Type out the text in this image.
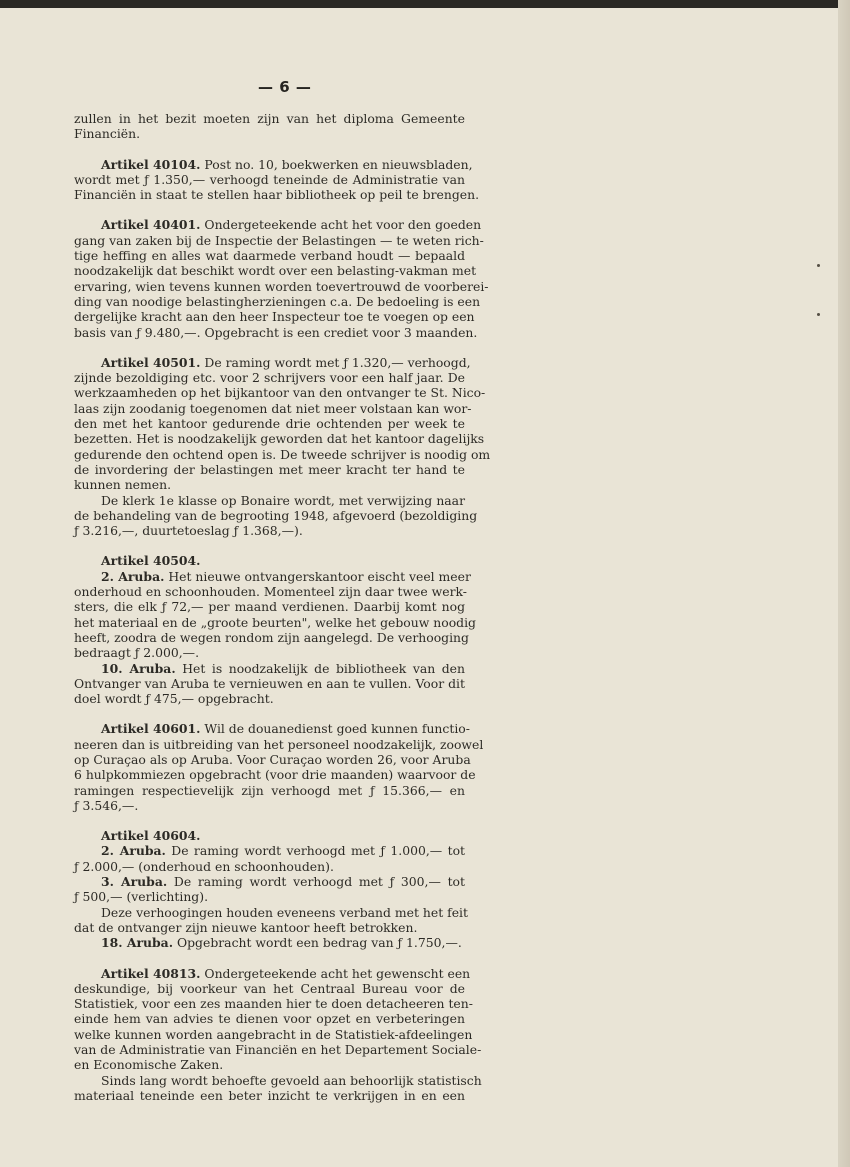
— 6 —
zullen in het bezit moeten zijn van het diploma Gemeente
Financiën.
Artikel 40104. Post no. 10, boekwerken en nieuwsbladen,
wordt met ƒ 1.350,— verhoogd teneinde de Administratie van
Financiën in staat te stellen haar bibliotheek op peil te brengen.
Artikel 40401. Ondergeteekende acht het voor den goeden
gang van zaken bij de Inspectie der Belastingen — te weten rich-
tige heffing en alles wat daarmede verband houdt — bepaald
noodzakelijk dat beschikt wordt over een belasting-vakman met
ervaring, wien tevens kunnen worden toevertrouwd de voorberei-
ding van noodige belastingherzieningen c.a. De bedoeling is een
dergelijke kracht aan den heer Inspecteur toe te voegen op een
basis van ƒ 9.480,—. Opgebracht is een crediet voor 3 maanden.
Artikel 40501. De raming wordt met ƒ 1.320,— verhoogd,
zijnde bezoldiging etc. voor 2 schrijvers voor een half jaar. De
werkzaamheden op het bijkantoor van den ontvanger te St. Nico-
laas zijn zoodanig toegenomen dat niet meer volstaan kan wor-
den met het kantoor gedurende drie ochtenden per week te
bezetten. Het is noodzakelijk geworden dat het kantoor dagelijks
gedurende den ochtend open is. De tweede schrijver is noodig om
de invordering der belastingen met meer kracht ter hand te
kunnen nemen.
De klerk 1e klasse op Bonaire wordt, met verwijzing naar
de behandeling van de begrooting 1948, afgevoerd (bezoldiging
ƒ 3.216,—, duurtetoeslag ƒ 1.368,—).
Artikel 40504.
2. Aruba. Het nieuwe ontvangerskantoor eischt veel meer
onderhoud en schoonhouden. Momenteel zijn daar twee werk-
sters, die elk ƒ 72,— per maand verdienen. Daarbij komt nog
het materiaal en de „groote beurten", welke het gebouw noodig
heeft, zoodra de wegen rondom zijn aangelegd. De verhooging
bedraagt ƒ 2.000,—.
10. Aruba. Het is noodzakelijk de bibliotheek van den
Ontvanger van Aruba te vernieuwen en aan te vullen. Voor dit
doel wordt ƒ 475,— opgebracht.
Artikel 40601. Wil de douanedienst goed kunnen functio-
neeren dan is uitbreiding van het personeel noodzakelijk, zoowel
op Curaçao als op Aruba. Voor Curaçao worden 26, voor Aruba
6 hulpkommiezen opgebracht (voor drie maanden) waarvoor de
ramingen respectievelijk zijn verhoogd met ƒ 15.366,— en
ƒ 3.546,—.
Artikel 40604.
2. Aruba. De raming wordt verhoogd met ƒ 1.000,— tot
ƒ 2.000,— (onderhoud en schoonhouden).
3. Aruba. De raming wordt verhoogd met ƒ 300,— tot
ƒ 500,— (verlichting).
Deze verhoogingen houden eveneens verband met het feit
dat de ontvanger zijn nieuwe kantoor heeft betrokken.
18. Aruba. Opgebracht wordt een bedrag van ƒ 1.750,—.
Artikel 40813. Ondergeteekende acht het gewenscht een
deskundige, bij voorkeur van het Centraal Bureau voor de
Statistiek, voor een zes maanden hier te doen detacheeren ten-
einde hem van advies te dienen voor opzet en verbeteringen
welke kunnen worden aangebracht in de Statistiek-afdeelingen
van de Administratie van Financiën en het Departement Sociale-
en Economische Zaken.
Sinds lang wordt behoefte gevoeld aan behoorlijk statistisch
materiaal teneinde een beter inzicht te verkrijgen in en een
